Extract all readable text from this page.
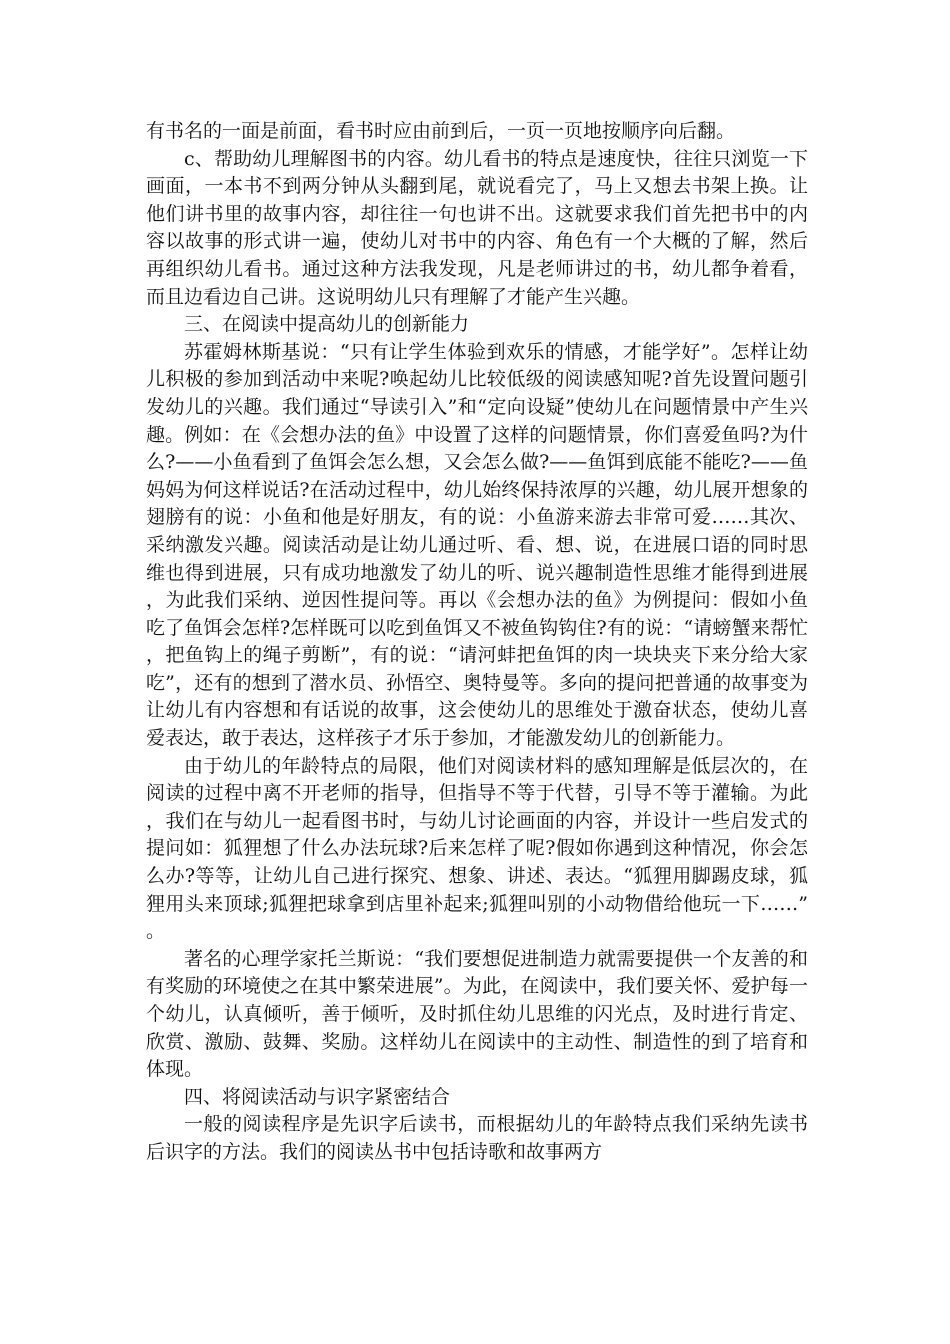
有书名的一面是前面，看书时应由前到后，一页一页地按顺序向后翻。

c、帮助幼儿理解图书的内容。幼儿看书的特点是速度快，往往只浏览一下画面，一本书不到两分钟从头翻到尾，就说看完了，马上又想去书架上换。让他们讲书里的故事内容，却往往一句也讲不出。这就要求我们首先把书中的内容以故事的形式讲一遍，使幼儿对书中的内容、角色有一个大概的了解，然后再组织幼儿看书。通过这种方法我发现，凡是老师讲过的书，幼儿都争着看，而且边看边自己讲。这说明幼儿只有理解了才能产生兴趣。

三、在阅读中提高幼儿的创新能力

苏霍姆林斯基说：“只有让学生体验到欢乐的情感，才能学好”。怎样让幼儿积极的参加到活动中来呢?唤起幼儿比较低级的阅读感知呢?首先设置问题引发幼儿的兴趣。我们通过“导读引入”和“定向设疑”使幼儿在问题情景中产生兴趣。例如：在《会想办法的鱼》中设置了这样的问题情景，你们喜爱鱼吗?为什么?——小鱼看到了鱼饵会怎么想，又会怎么做?——鱼饵到底能不能吃?——鱼妈妈为何这样说话?在活动过程中，幼儿始终保持浓厚的兴趣，幼儿展开想象的翅膀有的说：小鱼和他是好朋友，有的说：小鱼游来游去非常可爱……其次、采纳激发兴趣。阅读活动是让幼儿通过听、看、想、说，在进展口语的同时思维也得到进展，只有成功地激发了幼儿的听、说兴趣制造性思维才能得到进展，为此我们采纳、逆因性提问等。再以《会想办法的鱼》为例提问：假如小鱼吃了鱼饵会怎样?怎样既可以吃到鱼饵又不被鱼钩钩住?有的说：“请螃蟹来帮忙，把鱼钩上的绳子剪断”，有的说：“请河蚌把鱼饵的肉一块块夹下来分给大家吃”，还有的想到了潜水员、孙悟空、奥特曼等。多向的提问把普通的故事变为让幼儿有内容想和有话说的故事，这会使幼儿的思维处于激奋状态，使幼儿喜爱表达，敢于表达，这样孩子才乐于参加，才能激发幼儿的创新能力。

由于幼儿的年龄特点的局限，他们对阅读材料的感知理解是低层次的，在阅读的过程中离不开老师的指导，但指导不等于代替，引导不等于灌输。为此，我们在与幼儿一起看图书时，与幼儿讨论画面的内容，并设计一些启发式的提问如：狐狸想了什么办法玩球?后来怎样了呢?假如你遇到这种情况，你会怎么办?等等，让幼儿自己进行探究、想象、讲述、表达。“狐狸用脚踢皮球，狐狸用头来顶球;狐狸把球拿到店里补起来;狐狸叫别的小动物借给他玩一下……”。

著名的心理学家托兰斯说：“我们要想促进制造力就需要提供一个友善的和有奖励的环境使之在其中繁荣进展”。为此，在阅读中，我们要关怀、爱护每一个幼儿，认真倾听，善于倾听，及时抓住幼儿思维的闪光点，及时进行肯定、欣赏、激励、鼓舞、奖励。这样幼儿在阅读中的主动性、制造性的到了培育和体现。

四、将阅读活动与识字紧密结合

一般的阅读程序是先识字后读书，而根据幼儿的年龄特点我们采纳先读书后识字的方法。我们的阅读丛书中包括诗歌和故事两方
